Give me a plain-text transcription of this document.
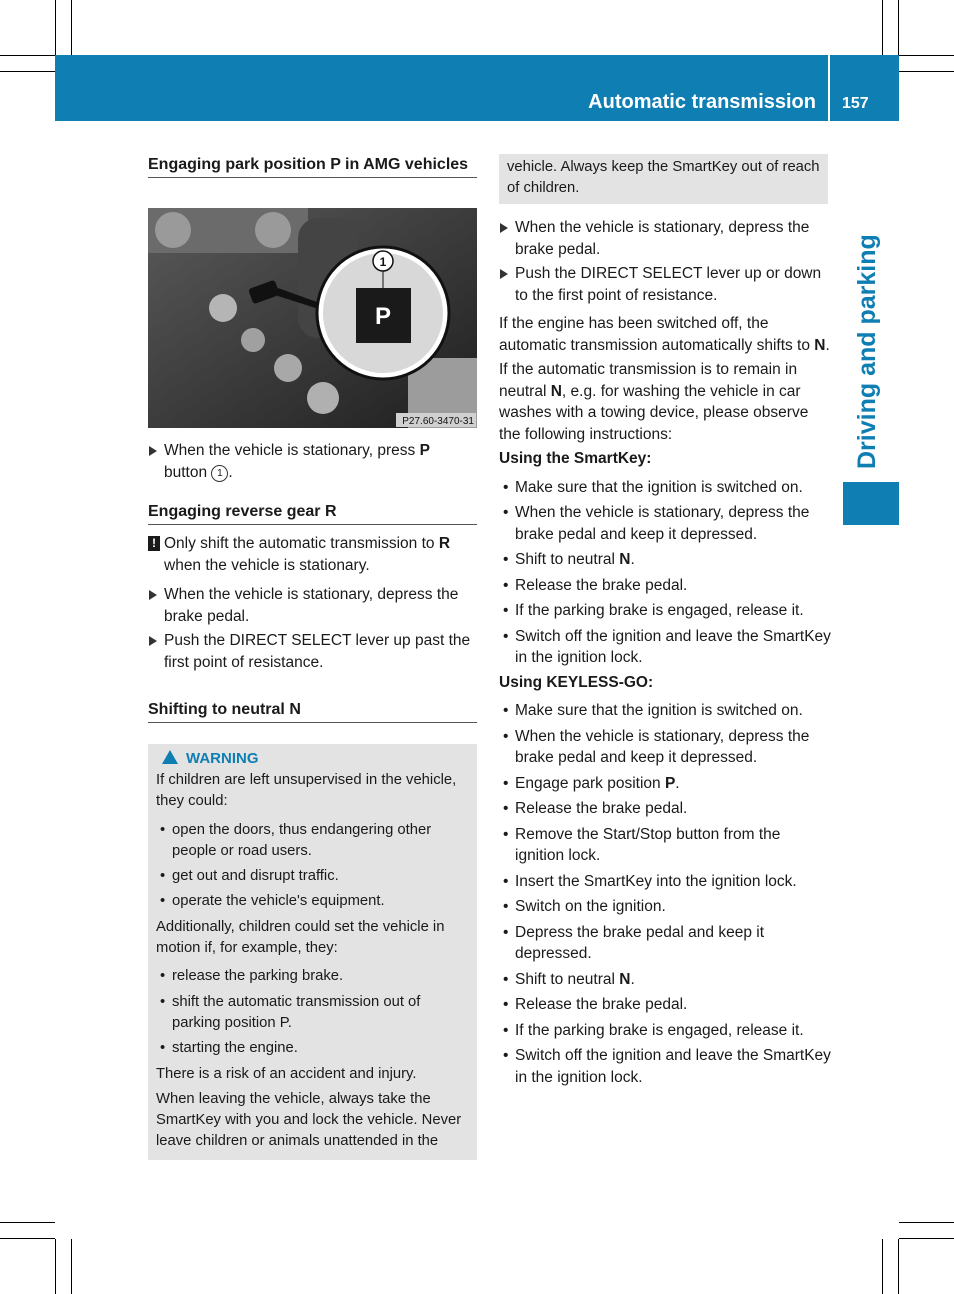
Automatic transmission 157
Driving and parking

Engaging park position P in AMG vehicles

P
1
P27.60-3470-31

When the vehicle is stationary, press P button 1 .

Engaging reverse gear R

! Only shift the automatic transmission to R when the vehicle is stationary.

When the vehicle is stationary, depress the brake pedal.

Push the DIRECT SELECT lever up past the first point of resistance.

Shifting to neutral N

WARNING

If children are left unsupervised in the vehicle, they could:

• open the doors, thus endangering other people or road users.

• get out and disrupt traffic.

• operate the vehicle's equipment.

Additionally, children could set the vehicle in motion if, for example, they:

• release the parking brake.

• shift the automatic transmission out of parking position P.

• starting the engine.

There is a risk of an accident and injury.

When leaving the vehicle, always take the SmartKey with you and lock the vehicle. Never leave children or animals unattended in the

vehicle. Always keep the SmartKey out of reach of children.

When the vehicle is stationary, depress the brake pedal.

Push the DIRECT SELECT lever up or down to the first point of resistance.

If the engine has been switched off, the automatic transmission automatically shifts to N.

If the automatic transmission is to remain in neutral N, e.g. for washing the vehicle in car washes with a towing device, please observe the following instructions:

Using the SmartKey:

• Make sure that the ignition is switched on.

• When the vehicle is stationary, depress the brake pedal and keep it depressed.

• Shift to neutral N.

• Release the brake pedal.

• If the parking brake is engaged, release it.

• Switch off the ignition and leave the SmartKey in the ignition lock.

Using KEYLESS-GO:

• Make sure that the ignition is switched on.

• When the vehicle is stationary, depress the brake pedal and keep it depressed.

• Engage park position P.

• Release the brake pedal.

• Remove the Start/Stop button from the ignition lock.

• Insert the SmartKey into the ignition lock.

• Switch on the ignition.

• Depress the brake pedal and keep it depressed.

• Shift to neutral N.

• Release the brake pedal.

• If the parking brake is engaged, release it.

• Switch off the ignition and leave the SmartKey in the ignition lock.
